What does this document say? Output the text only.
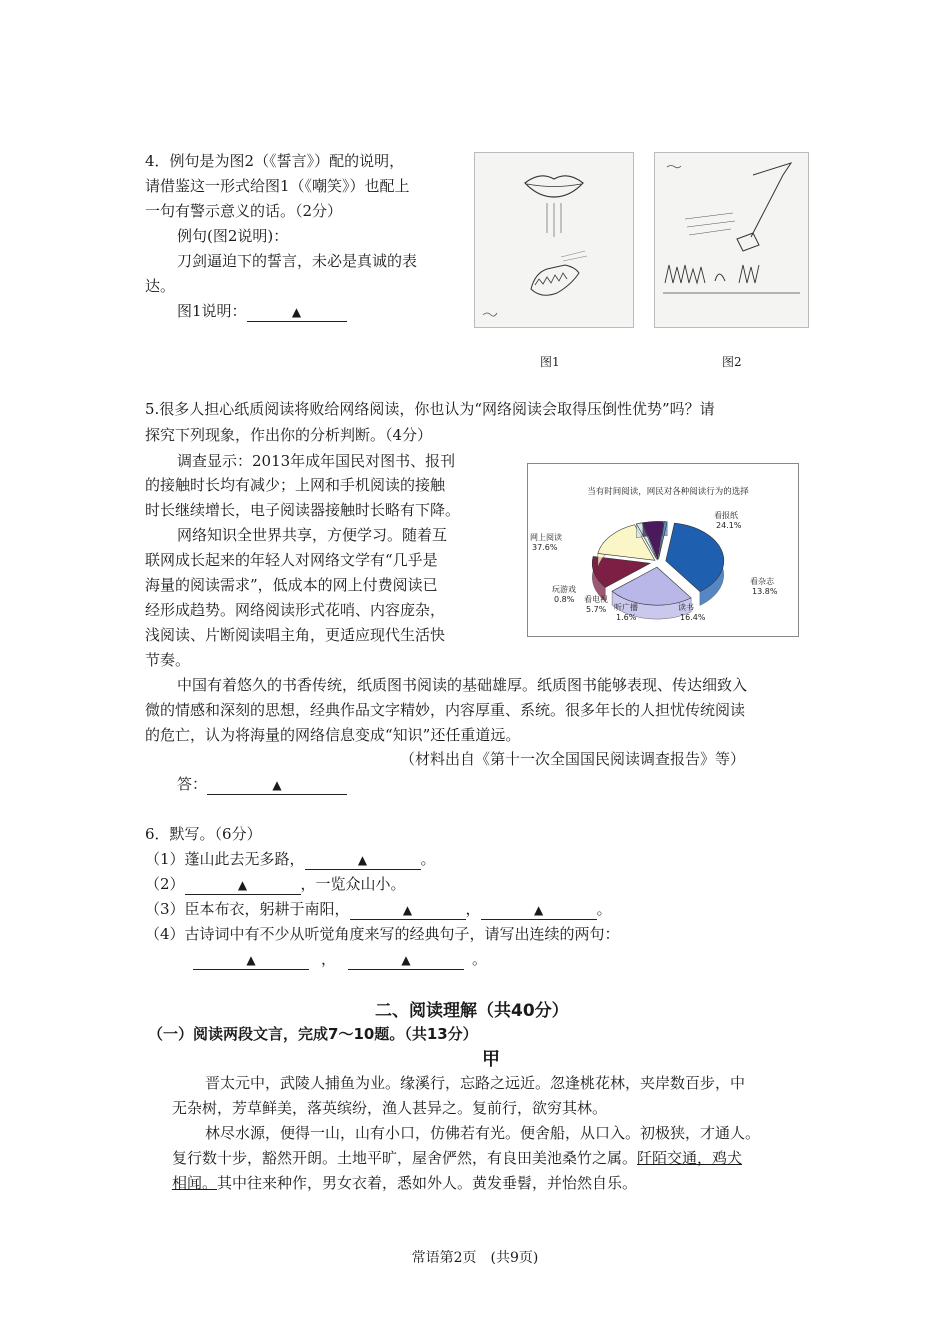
4．例句是为图2（《誓言》）配的说明，
请借鉴这一形式给图1（《嘲笑》）也配上
一句有警示意义的话。（2分）
例句(图2说明)：
刀剑逼迫下的誓言，未必是真诚的表
达。
图1说明：	▲
图1	图2
5.很多人担心纸质阅读将败给网络阅读，你也认为“网络阅读会取得压倒性优势”吗？请
探究下列现象，作出你的分析判断。（4分）
调查显示：2013年成年国民对图书、报刊
的接触时长均有减少；上网和手机阅读的接触
时长继续增长，电子阅读器接触时长略有下降。
网络知识全世界共享，方便学习。随着互
联网成长起来的年轻人对网络文学有“几乎是
海量的阅读需求”，低成本的网上付费阅读已
经形成趋势。网络阅读形式花哨、内容庞杂，
浅阅读、片断阅读唱主角，更适应现代生活快
节奏。
中国有着悠久的书香传统，纸质图书阅读的基础雄厚。纸质图书能够表现、传达细致入
微的情感和深刻的思想，经典作品文字精妙，内容厚重、系统。很多年长的人担忧传统阅读
的危亡，认为将海量的网络信息变成“知识”还任重道远。
（材料出自《第十一次全国国民阅读调查报告》等）
答：	▲
当有时间阅读，网民对各种阅读行为的选择
网上阅读
37.6%
看报纸
24.1%
看杂志
13.8%
读书
16.4%
听广播
1.6%
看电视
5.7%
玩游戏
0.8%
6．默写。（6分）
（1）蓬山此去无多路，	▲	。
（2）	▲	，一览众山小。
（3）臣本布衣，躬耕于南阳，	▲	，	▲	。
（4）古诗词中有不少从听觉角度来写的经典句子，请写出连续的两句：
▲	，	▲	。
二、阅读理解（共40分）
（一）阅读两段文言，完成7～10题。（共13分）
甲
晋太元中，武陵人捕鱼为业。缘溪行，忘路之远近。忽逢桃花林，夹岸数百步，中
无杂树，芳草鲜美，落英缤纷，渔人甚异之。复前行，欲穷其林。
林尽水源，便得一山，山有小口，仿佛若有光。便舍船，从口入。初极狭，才通人。
复行数十步，豁然开朗。土地平旷，屋舍俨然，有良田美池桑竹之属。阡陌交通，鸡犬
相闻。其中往来种作，男女衣着，悉如外人。黄发垂髫，并怡然自乐。
常语第2页　(共9页)
